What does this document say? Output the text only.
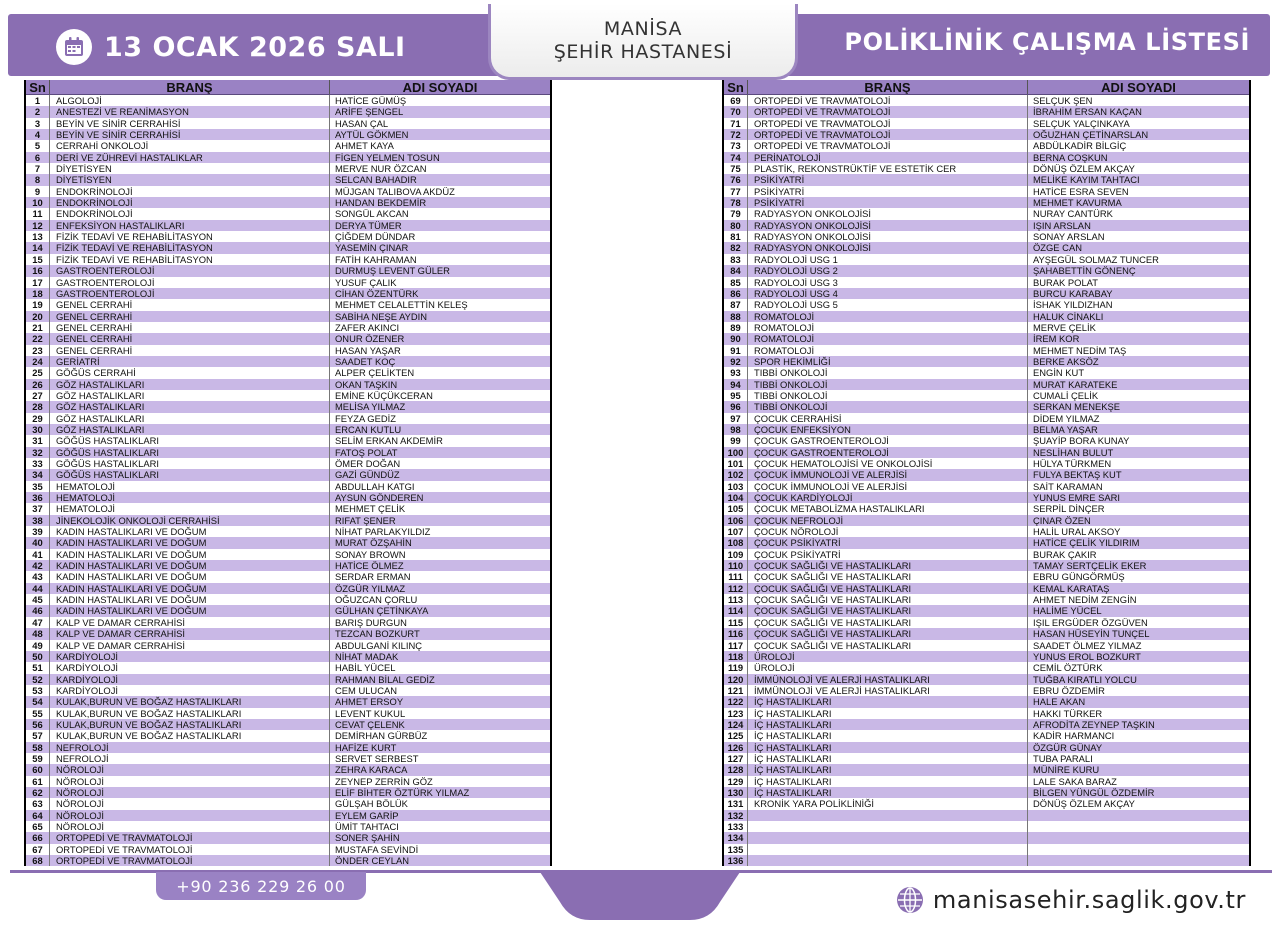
13 OCAK 2026 SALI
MANİSA
ŞEHİR HASTANESİ	POLİKLİNİK ÇALIŞMA LİSTESİ
Sn	BRANŞ	ADI SOYADI
1	ALGOLOJİ	HATİCE GÜMÜŞ
2	ANESTEZİ VE REANİMASYON	ARİFE ŞENGEL
3	BEYİN VE SİNİR CERRAHİSİ	HASAN ÇAL
4	BEYİN VE SİNİR CERRAHİSİ	AYTÜL GÖKMEN
5	CERRAHİ ONKOLOJİ	AHMET KAYA
6	DERİ VE ZÜHREVİ HASTALIKLAR	FİGEN YELMEN TOSUN
7	DİYETİSYEN	MERVE NUR ÖZCAN
8	DİYETİSYEN	SELCAN BAHADIR
9	ENDOKRİNOLOJİ	MÜJGAN TALIBOVA AKDÜZ
10	ENDOKRİNOLOJİ	HANDAN BEKDEMİR
11	ENDOKRİNOLOJİ	SONGÜL AKCAN
12	ENFEKSİYON HASTALIKLARI	DERYA TÜMER
13	FİZİK TEDAVİ VE REHABİLİTASYON	ÇİĞDEM DÜNDAR
14	FİZİK TEDAVİ VE REHABİLİTASYON	YASEMİN ÇINAR
15	FİZİK TEDAVİ VE REHABİLİTASYON	FATİH KAHRAMAN
16	GASTROENTEROLOJİ	DURMUŞ LEVENT GÜLER
17	GASTROENTEROLOJİ	YUSUF ÇALIK
18	GASTROENTEROLOJİ	CİHAN ÖZENTÜRK
19	GENEL CERRAHİ	MEHMET CELALETTİN KELEŞ
20	GENEL CERRAHİ	SABİHA NEŞE AYDIN
21	GENEL CERRAHİ	ZAFER AKINCI
22	GENEL CERRAHİ	ONUR ÖZENER
23	GENEL CERRAHİ	HASAN YAŞAR
24	GERİATRİ	SAADET KOÇ
25	GÖĞÜS CERRAHİ	ALPER ÇELİKTEN
26	GÖZ HASTALIKLARI	OKAN TAŞKIN
27	GÖZ HASTALIKLARI	EMİNE KÜÇÜKCERAN
28	GÖZ HASTALIKLARI	MELİSA YILMAZ
29	GÖZ HASTALIKLARI	FEYZA GEDİZ
30	GÖZ HASTALIKLARI	ERCAN KUTLU
31	GÖĞÜS HASTALIKLARI	SELİM ERKAN AKDEMİR
32	GÖĞÜS HASTALIKLARI	FATOŞ POLAT
33	GÖĞÜS HASTALIKLARI	ÖMER DOĞAN
34	GÖĞÜS HASTALIKLARI	GAZİ GÜNDÜZ
35	HEMATOLOJİ	ABDULLAH KATGI
36	HEMATOLOJİ	AYSUN GÖNDEREN
37	HEMATOLOJİ	MEHMET ÇELİK
38	JİNEKOLOJİK ONKOLOJİ CERRAHİSİ	RIFAT ŞENER
39	KADIN HASTALIKLARI VE DOĞUM	NİHAT PARLAKYILDIZ
40	KADIN HASTALIKLARI VE DOĞUM	MURAT ÖZŞAHİN
41	KADIN HASTALIKLARI VE DOĞUM	SONAY BROWN
42	KADIN HASTALIKLARI VE DOĞUM	HATİCE ÖLMEZ
43	KADIN HASTALIKLARI VE DOĞUM	SERDAR ERMAN
44	KADIN HASTALIKLARI VE DOĞUM	ÖZGÜR YILMAZ
45	KADIN HASTALIKLARI VE DOĞUM	OĞUZCAN ÇORLU
46	KADIN HASTALIKLARI VE DOĞUM	GÜLHAN ÇETİNKAYA
47	KALP VE DAMAR CERRAHİSİ	BARIŞ DURGUN
48	KALP VE DAMAR CERRAHİSİ	TEZCAN BOZKURT
49	KALP VE DAMAR CERRAHİSİ	ABDULGANİ KILINÇ
50	KARDİYOLOJİ	NİHAT MADAK
51	KARDİYOLOJİ	HABİL YÜCEL
52	KARDİYOLOJİ	RAHMAN BİLAL GEDİZ
53	KARDİYOLOJİ	CEM ULUCAN
54	KULAK,BURUN VE BOĞAZ HASTALIKLARI	AHMET ERSOY
55	KULAK,BURUN VE BOĞAZ HASTALIKLARI	LEVENT KUKUL
56	KULAK,BURUN VE BOĞAZ HASTALIKLARI	CEVAT ÇELENK
57	KULAK,BURUN VE BOĞAZ HASTALIKLARI	DEMİRHAN GÜRBÜZ
58	NEFROLOJİ	HAFİZE KURT
59	NEFROLOJİ	SERVET SERBEST
60	NÖROLOJİ	ZEHRA KARACA
61	NÖROLOJİ	ZEYNEP ZERRİN GÖZ
62	NÖROLOJİ	ELİF BİHTER ÖZTÜRK YILMAZ
63	NÖROLOJİ	GÜLŞAH BÖLÜK
64	NÖROLOJİ	EYLEM GARİP
65	NÖROLOJİ	ÜMİT TAHTACI
66	ORTOPEDİ VE TRAVMATOLOJİ	SONER ŞAHİN
67	ORTOPEDİ VE TRAVMATOLOJİ	MUSTAFA SEVİNDİ
68	ORTOPEDİ VE TRAVMATOLOJİ	ÖNDER CEYLAN
Sn	BRANŞ	ADI SOYADI
69	ORTOPEDİ VE TRAVMATOLOJİ	SELÇUK ŞEN
70	ORTOPEDİ VE TRAVMATOLOJİ	İBRAHİM ERSAN KAÇAN
71	ORTOPEDİ VE TRAVMATOLOJİ	SELÇUK YALÇINKAYA
72	ORTOPEDİ VE TRAVMATOLOJİ	OĞUZHAN ÇETİNARSLAN
73	ORTOPEDİ VE TRAVMATOLOJİ	ABDÜLKADİR BİLGİÇ
74	PERİNATOLOJİ	BERNA COŞKUN
75	PLASTİK, REKONSTRÜKTİF VE ESTETİK CER	DÖNÜŞ ÖZLEM AKÇAY
76	PSİKİYATRİ	MELİKE KAYIM TAHTACI
77	PSİKİYATRİ	HATİCE ESRA SEVEN
78	PSİKİYATRİ	MEHMET KAVURMA
79	RADYASYON ONKOLOJİSİ	NURAY CANTÜRK
80	RADYASYON ONKOLOJİSİ	IŞIN ARSLAN
81	RADYASYON ONKOLOJİSİ	SONAY ARSLAN
82	RADYASYON ONKOLOJİSİ	ÖZGE CAN
83	RADYOLOJİ USG 1	AYŞEGÜL SOLMAZ TUNCER
84	RADYOLOJİ USG 2	ŞAHABETTİN GÖNENÇ
85	RADYOLOJİ USG 3	BURAK POLAT
86	RADYOLOJİ USG 4	BURCU KARABAY
87	RADYOLOJİ USG 5	İSHAK YILDIZHAN
88	ROMATOLOJİ	HALUK CİNAKLI
89	ROMATOLOJİ	MERVE ÇELİK
90	ROMATOLOJİ	İREM KOR
91	ROMATOLOJİ	MEHMET NEDİM TAŞ
92	SPOR HEKİMLİĞİ	BERKE AKSÖZ
93	TIBBİ ONKOLOJİ	ENGİN KUT
94	TIBBİ ONKOLOJİ	MURAT KARATEKE
95	TIBBİ ONKOLOJİ	CUMALİ ÇELİK
96	TIBBİ ONKOLOJİ	SERKAN MENEKŞE
97	ÇOCUK CERRAHİSİ	DİDEM YILMAZ
98	ÇOCUK ENFEKSİYON	BELMA YAŞAR
99	ÇOCUK GASTROENTEROLOJİ	ŞUAYİP BORA KUNAY
100	ÇOCUK GASTROENTEROLOJİ	NESLİHAN BULUT
101	ÇOCUK HEMATOLOJİSİ VE ONKOLOJİSİ	HÜLYA TÜRKMEN
102	ÇOCUK İMMUNOLOJİ VE ALERJİSİ	FULYA BEKTAŞ KUT
103	ÇOCUK İMMUNOLOJİ VE ALERJİSİ	SAİT KARAMAN
104	ÇOCUK KARDİYOLOJİ	YUNUS EMRE SARI
105	ÇOCUK METABOLİZMA HASTALIKLARI	SERPİL DİNÇER
106	ÇOCUK NEFROLOJİ	ÇINAR ÖZEN
107	ÇOCUK NÖROLOJİ	HALİL URAL AKSOY
108	ÇOCUK PSİKİYATRİ	HATİCE ÇELİK YILDIRIM
109	ÇOCUK PSİKİYATRİ	BURAK ÇAKIR
110	ÇOCUK SAĞLIĞI VE HASTALIKLARI	TAMAY SERTÇELİK EKER
111	ÇOCUK SAĞLIĞI VE HASTALIKLARI	EBRU GÜNGÖRMÜŞ
112	ÇOCUK SAĞLIĞI VE HASTALIKLARI	KEMAL KARATAŞ
113	ÇOCUK SAĞLIĞI VE HASTALIKLARI	AHMET NEDİM ZENGİN
114	ÇOCUK SAĞLIĞI VE HASTALIKLARI	HALİME YÜCEL
115	ÇOCUK SAĞLIĞI VE HASTALIKLARI	IŞIL ERGÜDER ÖZGÜVEN
116	ÇOCUK SAĞLIĞI VE HASTALIKLARI	HASAN HÜSEYİN TUNÇEL
117	ÇOCUK SAĞLIĞI VE HASTALIKLARI	SAADET ÖLMEZ YILMAZ
118	ÜROLOJİ	YUNUS EROL BOZKURT
119	ÜROLOJİ	CEMİL ÖZTÜRK
120	İMMÜNOLOJİ VE ALERJİ HASTALIKLARI	TUĞBA KIRATLI YOLCU
121	İMMÜNOLOJİ VE ALERJİ HASTALIKLARI	EBRU ÖZDEMİR
122	İÇ HASTALIKLARI	HALE AKAN
123	İÇ HASTALIKLARI	HAKKI TÜRKER
124	İÇ HASTALIKLARI	AFRODİTA ZEYNEP TAŞKIN
125	İÇ HASTALIKLARI	KADİR HARMANCI
126	İÇ HASTALIKLARI	ÖZGÜR GÜNAY
127	İÇ HASTALIKLARI	TUBA PARALI
128	İÇ HASTALIKLARI	MÜNİRE KURU
129	İÇ HASTALIKLARI	LALE SAKA BARAZ
130	İÇ HASTALIKLARI	BİLGEN YÜNGÜL ÖZDEMİR
131	KRONİK YARA POLİKLİNİĞİ	DÖNÜŞ ÖZLEM AKÇAY
132
133
134
135
136
+90 236 229 26 00	manisasehir.saglik.gov.tr
